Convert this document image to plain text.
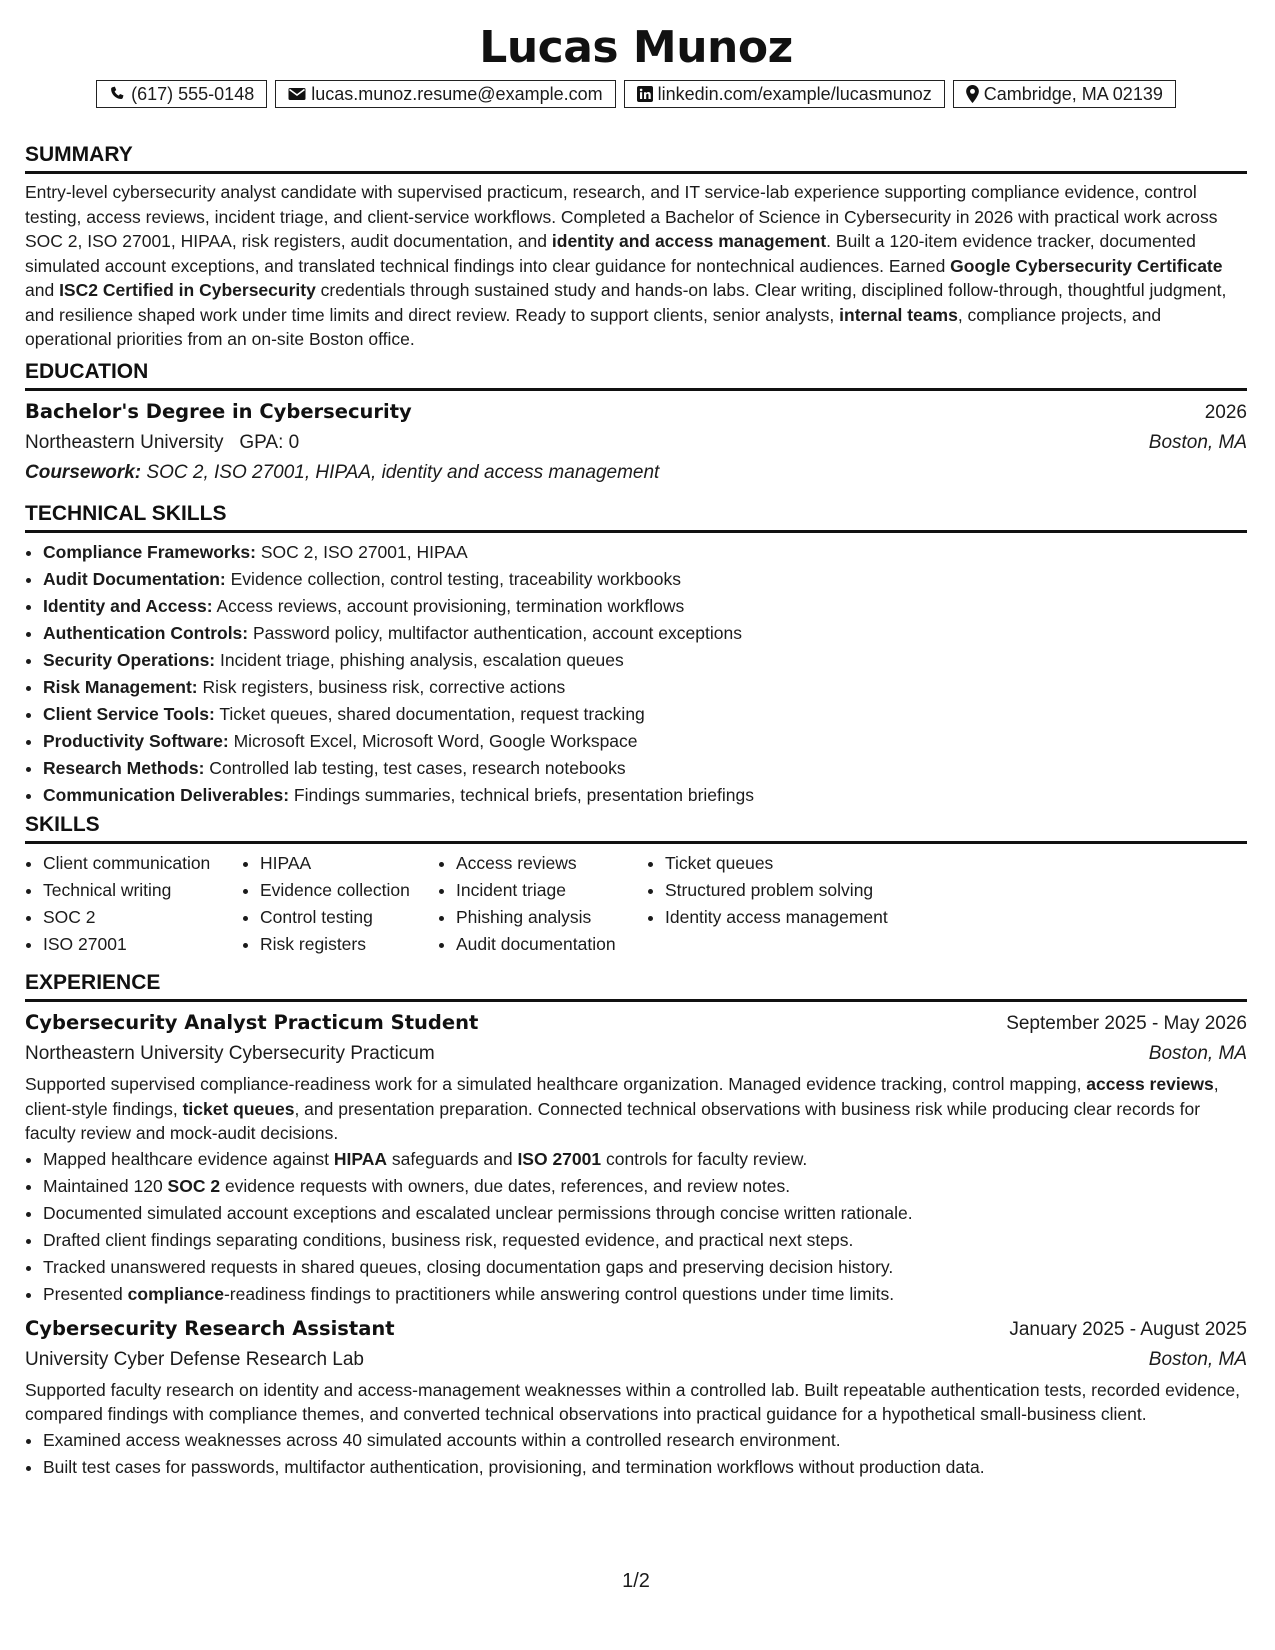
Lucas Munoz
(617) 555-0148	lucas.munoz.resume@example.com	linkedin.com/example/lucasmunoz	Cambridge, MA 02139
SUMMARY

Entry-level cybersecurity analyst candidate with supervised practicum, research, and IT service-lab experience supporting compliance evidence, control testing, access reviews, incident triage, and client-service workflows. Completed a Bachelor of Science in Cybersecurity in 2026 with practical work across SOC 2, ISO 27001, HIPAA, risk registers, audit documentation, and identity and access management. Built a 120-item evidence tracker, documented simulated account exceptions, and translated technical findings into clear guidance for nontechnical audiences. Earned Google Cybersecurity Certificate and ISC2 Certified in Cybersecurity credentials through sustained study and hands-on labs. Clear writing, disciplined follow-through, thoughtful judgment, and resilience shaped work under time limits and direct review. Ready to support clients, senior analysts, internal teams, compliance projects, and operational priorities from an on-site Boston office.

EDUCATION
Bachelor's Degree in Cybersecurity	2026
Northeastern University GPA: 0	Boston, MA
Coursework: SOC 2, ISO 27001, HIPAA, identity and access management
TECHNICAL SKILLS
• Compliance Frameworks: SOC 2, ISO 27001, HIPAA
• Audit Documentation: Evidence collection, control testing, traceability workbooks
• Identity and Access: Access reviews, account provisioning, termination workflows
• Authentication Controls: Password policy, multifactor authentication, account exceptions
• Security Operations: Incident triage, phishing analysis, escalation queues
• Risk Management: Risk registers, business risk, corrective actions
• Client Service Tools: Ticket queues, shared documentation, request tracking
• Productivity Software: Microsoft Excel, Microsoft Word, Google Workspace
• Research Methods: Controlled lab testing, test cases, research notebooks
• Communication Deliverables: Findings summaries, technical briefs, presentation briefings
SKILLS
• Client communication
• Technical writing
• SOC 2
• ISO 27001
• HIPAA
• Evidence collection
• Control testing
• Risk registers
• Access reviews
• Incident triage
• Phishing analysis
• Audit documentation
• Ticket queues
• Structured problem solving
• Identity access management
EXPERIENCE
Cybersecurity Analyst Practicum Student	September 2025 - May 2026
Northeastern University Cybersecurity Practicum	Boston, MA

Supported supervised compliance-readiness work for a simulated healthcare organization. Managed evidence tracking, control mapping, access reviews, client-style findings, ticket queues, and presentation preparation. Connected technical observations with business risk while producing clear records for faculty review and mock-audit decisions.

• Mapped healthcare evidence against HIPAA safeguards and ISO 27001 controls for faculty review.
• Maintained 120 SOC 2 evidence requests with owners, due dates, references, and review notes.
• Documented simulated account exceptions and escalated unclear permissions through concise written rationale.
• Drafted client findings separating conditions, business risk, requested evidence, and practical next steps.
• Tracked unanswered requests in shared queues, closing documentation gaps and preserving decision history.
• Presented compliance-readiness findings to practitioners while answering control questions under time limits.
Cybersecurity Research Assistant	January 2025 - August 2025
University Cyber Defense Research Lab	Boston, MA

Supported faculty research on identity and access-management weaknesses within a controlled lab. Built repeatable authentication tests, recorded evidence, compared findings with compliance themes, and converted technical observations into practical guidance for a hypothetical small-business client.

• Examined access weaknesses across 40 simulated accounts within a controlled research environment.
• Built test cases for passwords, multifactor authentication, provisioning, and termination workflows without production data.
1/2
